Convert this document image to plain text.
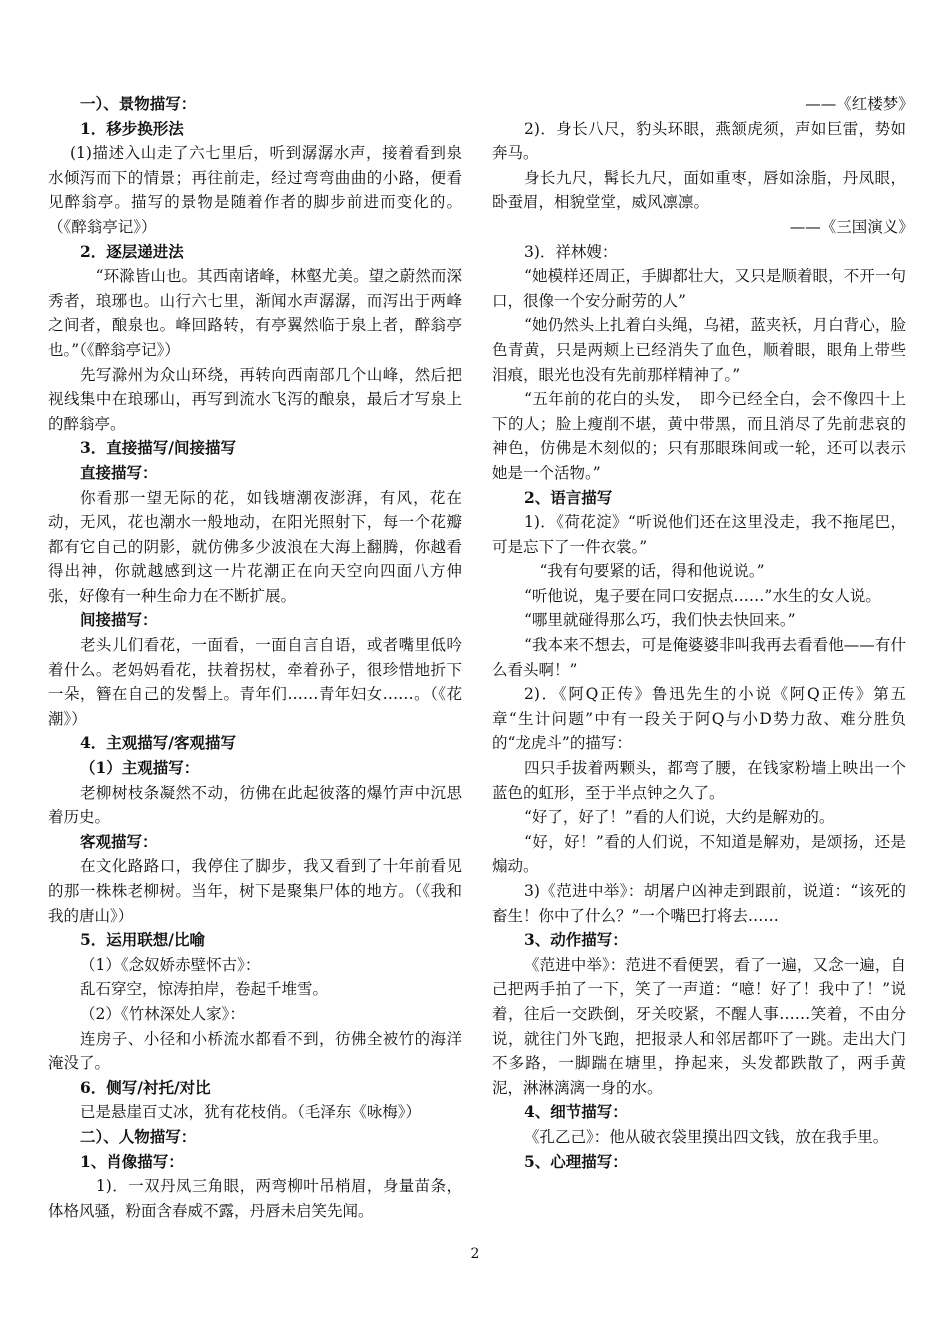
一）、景物描写：

1．移步换形法

(1)描述入山走了六七里后，听到潺潺水声，接着看到泉水倾泻而下的情景；再往前走，经过弯弯曲曲的小路，便看见醉翁亭。描写的景物是随着作者的脚步前进而变化的。（《醉翁亭记》）

2．逐层递进法

　“环滁皆山也。其西南诸峰，林壑尤美。望之蔚然而深秀者，琅琊也。山行六七里，渐闻水声潺潺，而泻出于两峰之间者，酿泉也。峰回路转，有亭翼然临于泉上者，醉翁亭也。”（《醉翁亭记》）

先写滁州为众山环绕，再转向西南部几个山峰，然后把视线集中在琅琊山，再写到流水飞泻的酿泉，最后才写泉上的醉翁亭。

3．直接描写/间接描写

直接描写：

你看那一望无际的花，如钱塘潮夜澎湃，有风，花在动，无风，花也潮水一般地动，在阳光照射下，每一个花瓣都有它自己的阴影，就仿佛多少波浪在大海上翻腾，你越看得出神，你就越感到这一片花潮正在向天空向四面八方伸张，好像有一种生命力在不断扩展。

间接描写：

老头儿们看花，一面看，一面自言自语，或者嘴里低吟着什么。老妈妈看花，扶着拐杖，牵着孙子，很珍惜地折下一朵，簪在自己的发髻上。青年们……青年妇女……。（《花潮》）

4．主观描写/客观描写

（1）主观描写：

老柳树枝条凝然不动，彷佛在此起彼落的爆竹声中沉思着历史。

客观描写：

在文化路路口，我停住了脚步，我又看到了十年前看见的那一株株老柳树。当年，树下是聚集尸体的地方。（《我和我的唐山》）

5．运用联想/比喻

（1）《念奴娇赤壁怀古》：

乱石穿空，惊涛拍岸，卷起千堆雪。

（2）《竹林深处人家》：

连房子、小径和小桥流水都看不到，彷佛全被竹的海洋淹没了。

6．侧写/衬托/对比

已是悬崖百丈冰，犹有花枝俏。（毛泽东《咏梅》）

二）、人物描写：

1、肖像描写：

　1)．一双丹凤三角眼，两弯柳叶吊梢眉，身量苗条，体格风骚，粉面含春威不露，丹唇未启笑先闻。

——《红楼梦》　

2)．身长八尺，豹头环眼，燕颔虎须，声如巨雷，势如奔马。

身长九尺，髯长九尺，面如重枣，唇如涂脂，丹凤眼，卧蚕眉，相貌堂堂，威风凛凛。

——《三国演义》　

3)．祥林嫂：

“她模样还周正，手脚都壮大，又只是顺着眼，不开一句口，很像一个安分耐劳的人”

“她仍然头上扎着白头绳，乌裙，蓝夹袄，月白背心，脸色青黄，只是两颊上已经消失了血色，顺着眼，眼角上带些泪痕，眼光也没有先前那样精神了。”

“五年前的花白的头发，　即今已经全白，会不像四十上下的人；脸上瘦削不堪，黄中带黑，而且消尽了先前悲哀的神色，仿佛是木刻似的；只有那眼珠间或一轮，还可以表示她是一个活物。”

2、语言描写

1)．《荷花淀》“听说他们还在这里没走，我不拖尾巴，可是忘下了一件衣裳。”

　“我有句要紧的话，得和他说说。”

“听他说，鬼子要在同口安据点……”水生的女人说。

“哪里就碰得那么巧，我们快去快回来。”

“我本来不想去，可是俺婆婆非叫我再去看看他——有什么看头啊！”

2)．《阿Q正传》鲁迅先生的小说《阿Q正传》第五章“生计问题”中有一段关于阿Q与小D势力敌、难分胜负的“龙虎斗”的描写：

四只手拔着两颗头，都弯了腰，在钱家粉墙上映出一个蓝色的虹形，至于半点钟之久了。

“好了，好了！”看的人们说，大约是解劝的。

“好，好！”看的人们说，不知道是解劝，是颂扬，还是煽动。

3)《范进中举》：胡屠户凶神走到跟前，说道：“该死的畜生！你中了什么？”一个嘴巴打将去……

3、动作描写：

《范进中举》：范进不看便罢，看了一遍，又念一遍，自己把两手拍了一下，笑了一声道：“噫！好了！我中了！”说着，往后一交跌倒，牙关咬紧，不醒人事……笑着，不由分说，就往门外飞跑，把报录人和邻居都吓了一跳。走出大门不多路，一脚踹在塘里，挣起来，头发都跌散了，两手黄泥，淋淋漓漓一身的水。

4、细节描写：

《孔乙己》：他从破衣袋里摸出四文钱，放在我手里。

5、心理描写：

2
